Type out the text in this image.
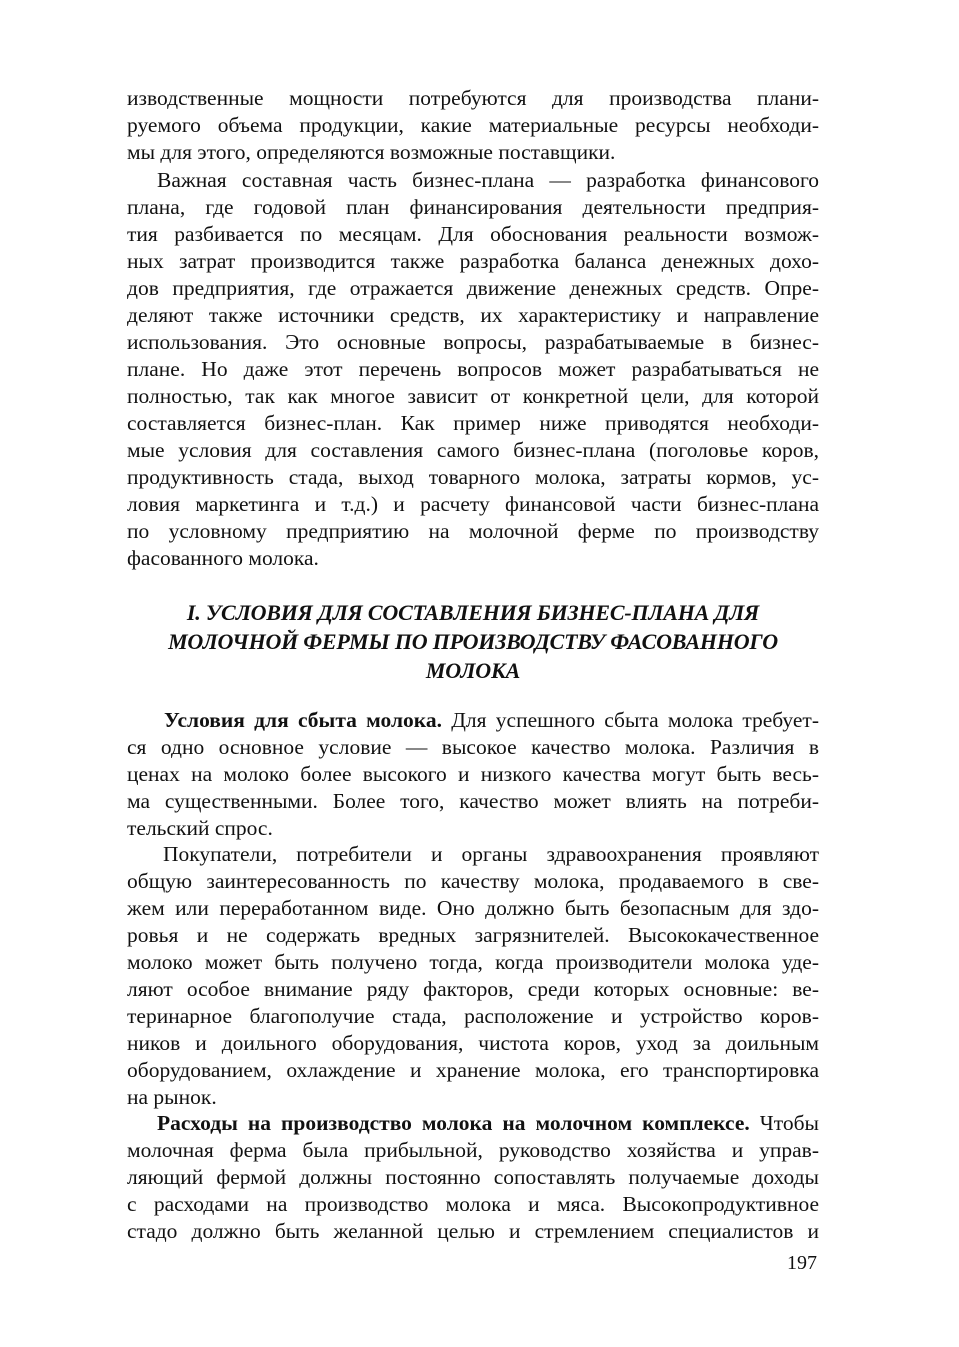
изводственные мощности потребуются для производства плани-
руемого объема продукции, какие материальные ресурсы необходи-
мы для этого, определяются возможные поставщики.
Важная составная часть бизнес-плана — разработка финансового
плана, где годовой план финансирования деятельности предприя-
тия разбивается по месяцам. Для обоснования реальности возмож-
ных затрат производится также разработка баланса денежных дохо-
дов предприятия, где отражается движение денежных средств. Опре-
деляют также источники средств, их характеристику и направление
использования. Это основные вопросы, разрабатываемые в бизнес-
плане. Но даже этот перечень вопросов может разрабатываться не
полностью, так как многое зависит от конкретной цели, для которой
составляется бизнес-план. Как пример ниже приводятся необходи-
мые условия для составления самого бизнес-плана (поголовье коров,
продуктивность стада, выход товарного молока, затраты кормов, ус-
ловия маркетинга и т.д.) и расчету финансовой части бизнес-плана
по условному предприятию на молочной ферме по производству
фасованного молока.
I. УСЛОВИЯ ДЛЯ СОСТАВЛЕНИЯ БИЗНЕС-ПЛАНА ДЛЯ
МОЛОЧНОЙ ФЕРМЫ ПО ПРОИЗВОДСТВУ ФАСОВАННОГО
МОЛОКА
Условия для сбыта молока. Для успешного сбыта молока требует-
ся одно основное условие — высокое качество молока. Различия в
ценах на молоко более высокого и низкого качества могут быть весь-
ма существенными. Более того, качество может влиять на потреби-
тельский спрос.
Покупатели, потребители и органы здравоохранения проявляют
общую заинтересованность по качеству молока, продаваемого в све-
жем или переработанном виде. Оно должно быть безопасным для здо-
ровья и не содержать вредных загрязнителей. Высококачественное
молоко может быть получено тогда, когда производители молока уде-
ляют особое внимание ряду факторов, среди которых основные: ве-
теринарное благополучие стада, расположение и устройство коров-
ников и доильного оборудования, чистота коров, уход за доильным
оборудованием, охлаждение и хранение молока, его транспортировка
на рынок.
Расходы на производство молока на молочном комплексе. Чтобы
молочная ферма была прибыльной, руководство хозяйства и управ-
ляющий фермой должны постоянно сопоставлять получаемые доходы
с расходами на производство молока и мяса. Высокопродуктивное
стадо должно быть желанной целью и стремлением специалистов и
197
